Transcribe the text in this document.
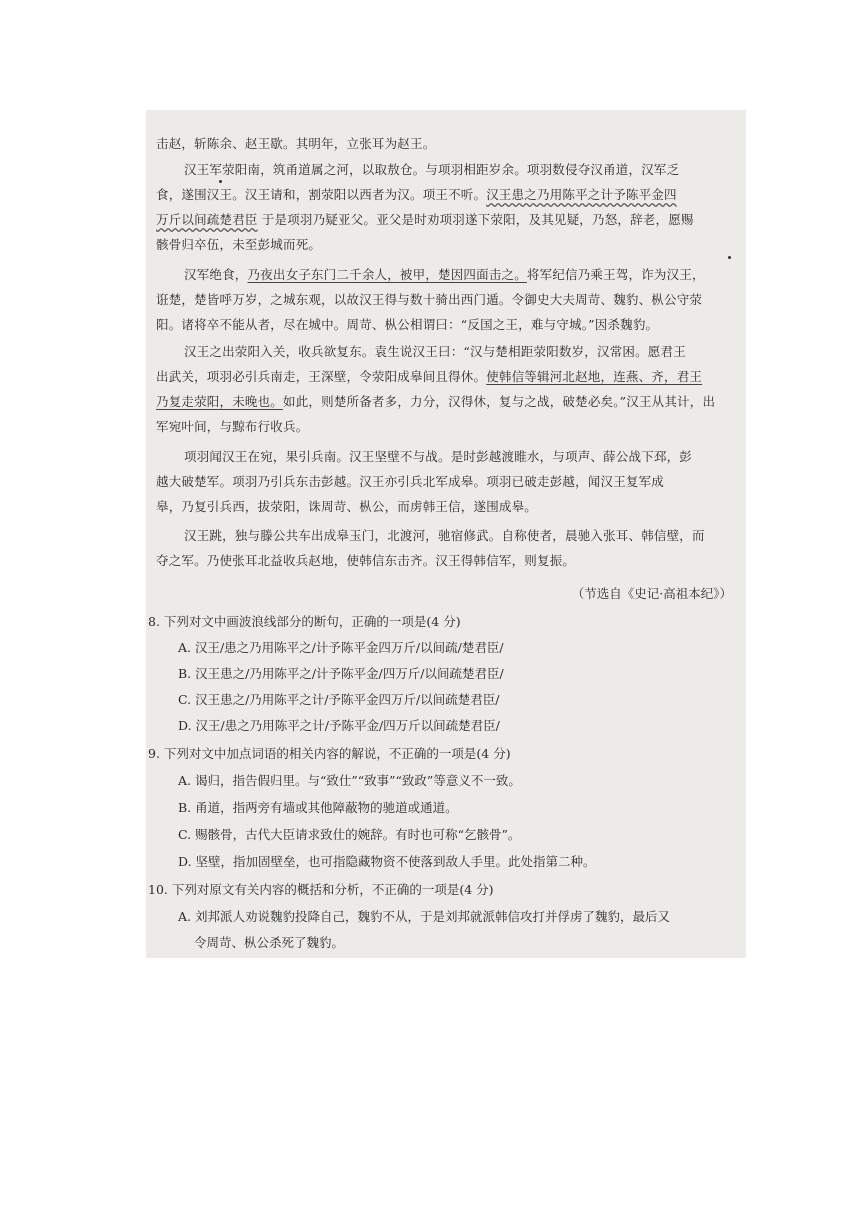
击赵，斩陈余、赵王歇。其明年，立张耳为赵王。
汉王军荥阳南，筑甬道属之河，以取敖仓。与项羽相距岁余。项羽数侵夺汉甬道，汉军乏
食，遂围汉王。汉王请和，割荥阳以西者为汉。项王不听。汉王患之乃用陈平之计予陈平金四
万斤以间疏楚君臣 于是项羽乃疑亚父。亚父是时劝项羽遂下荥阳，及其见疑，乃怒，辞老，愿赐
骸骨归卒伍，未至彭城而死。
汉军绝食，乃夜出女子东门二千余人，被甲，楚因四面击之。将军纪信乃乘王驾，诈为汉王，
诳楚，楚皆呼万岁，之城东观，以故汉王得与数十骑出西门遁。令御史大夫周苛、魏豹、枞公守荥
阳。诸将卒不能从者，尽在城中。周苛、枞公相谓曰：“反国之王，难与守城。”因杀魏豹。
汉王之出荥阳入关，收兵欲复东。袁生说汉王曰：“汉与楚相距荥阳数岁，汉常困。愿君王
出武关，项羽必引兵南走，王深壁，令荥阳成皋间且得休。使韩信等辑河北赵地，连燕、齐，君王
乃复走荥阳，未晚也。如此，则楚所备者多，力分，汉得休，复与之战，破楚必矣。”汉王从其计，出
军宛叶间，与黥布行收兵。
项羽闻汉王在宛，果引兵南。汉王坚壁不与战。是时彭越渡睢水，与项声、薛公战下邳，彭
越大破楚军。项羽乃引兵东击彭越。汉王亦引兵北军成皋。项羽已破走彭越，闻汉王复军成
皋，乃复引兵西，拔荥阳，诛周苛、枞公，而虏韩王信，遂围成皋。
汉王跳，独与滕公共车出成皋玉门，北渡河，驰宿修武。自称使者，晨驰入张耳、韩信壁，而
夺之军。乃使张耳北益收兵赵地，使韩信东击齐。汉王得韩信军，则复振。
（节选自《史记·高祖本纪》）
8. 下列对文中画波浪线部分的断句，正确的一项是(4 分)
A. 汉王/患之乃用陈平之/计予陈平金四万斤/以间疏/楚君臣/
B. 汉王患之/乃用陈平之/计予陈平金/四万斤/以间疏楚君臣/
C. 汉王患之/乃用陈平之计/予陈平金四万斤/以间疏楚君臣/
D. 汉王/患之乃用陈平之计/予陈平金/四万斤以间疏楚君臣/
9. 下列对文中加点词语的相关内容的解说，不正确的一项是(4 分)
A. 谒归，指告假归里。与“致仕”“致事”“致政”等意义不一致。
B. 甬道，指两旁有墙或其他障蔽物的驰道或通道。
C. 赐骸骨，古代大臣请求致仕的婉辞。有时也可称“乞骸骨”。
D. 坚壁，指加固壁垒，也可指隐藏物资不使落到敌人手里。此处指第二种。
10. 下列对原文有关内容的概括和分析，不正确的一项是(4 分)
A. 刘邦派人劝说魏豹投降自己，魏豹不从，于是刘邦就派韩信攻打并俘虏了魏豹，最后又
令周苛、枞公杀死了魏豹。
